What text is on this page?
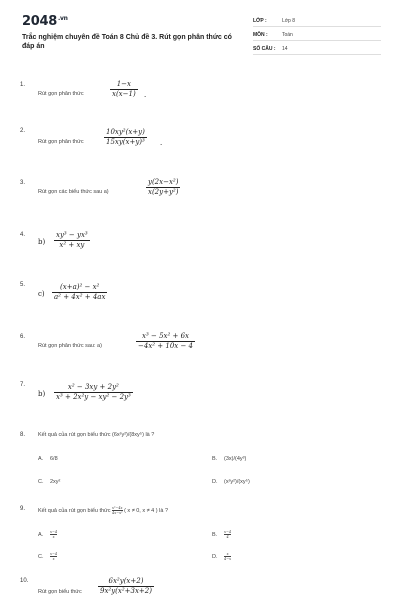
$2048^{.vn}$
Trắc nghiệm chuyên đề Toán 8 Chủ đề 3. Rút gọn phân thức có đáp án
LỚP :	Lớp 8
MÔN :	Toán
SỐ CÂU : 14
1.
Rút gọn phân thức	$\frac{1-x}{x(x-1)}$ .
2.
Rút gọn phân thức	$\frac{\text{10xy²(x+y)}}{\text{15xy(x+y)³}}$ .
3.
Rút gọn các biểu thức sau a)	$\frac{\text{y(2x−x²)}}{\text{x(2y+y²)}}$
4.
$b) \frac{\text{xy³ − yx³}}{\text{x² + xy}}$
5.
$c) \frac{\text{(x+a)² − x²}}{\text{a² + 4x² + 4ax}}$
6.
Rút gọn phân thức sau: a)	$\frac{\text{x³ − 5x² + 6x}}{\text{−4x² + 10x − 4}}$
7.
$b) \frac{\text{x² − 3xy + 2y²}}{\text{x³ + 2x²y − xy² − 2y³}}$
8. Kết quả của rút gọn biểu thức (6x²y²)/(8xy⁵) là ?
A. 6/8	B. (3x)/(4y³)
C. 2xy²	D. (x²y²)/(xy⁵)
9. Kết quả của rút gọn biểu thức $\frac{\text{x²−4x}}{\text{4x−x²}}$ ( x ≠ 0, x ≠ 4 ) là ?
A. $\frac{x-4}{x}$	B. $\frac{x-4}{4}$
C. $\frac{x-4}{x}$	D. $\frac{x}{4-x}$
10.
Rút gọn biểu thức $\frac{\text{6x²y(x+2)}}{\text{9x²y(x²+3x+2)}}$
